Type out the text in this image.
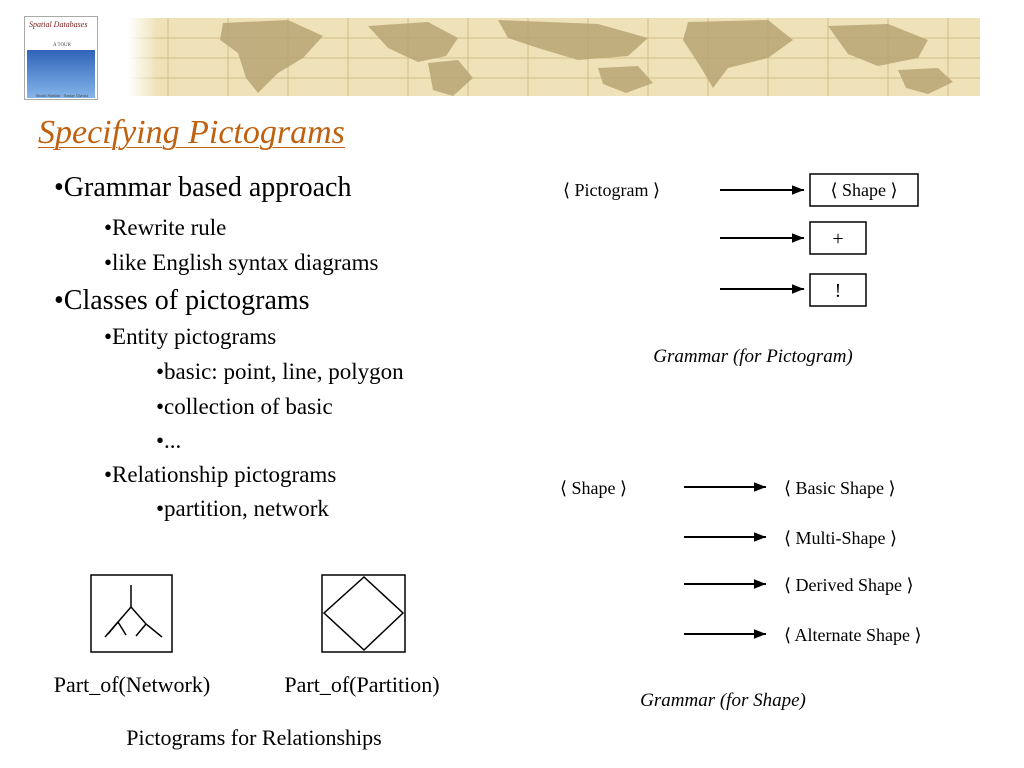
Spatial Databases
A TOUR
Shashi Shekhar · Sanjay Chawla
Specifying Pictograms
•Grammar based approach
•Rewrite rule
•like English syntax diagrams
•Classes of pictograms
•Entity pictograms
•basic: point, line, polygon
•collection of basic
•...
•Relationship pictograms
•partition, network
⟨ Pictogram ⟩	⟨ Shape ⟩
+
!
Grammar (for Pictogram)
⟨ Shape ⟩	⟨ Basic Shape ⟩
⟨ Multi-Shape ⟩
⟨ Derived Shape ⟩
⟨ Alternate Shape ⟩
Grammar (for Shape)
Part_of(Network)	Part_of(Partition)
Pictograms for Relationships
